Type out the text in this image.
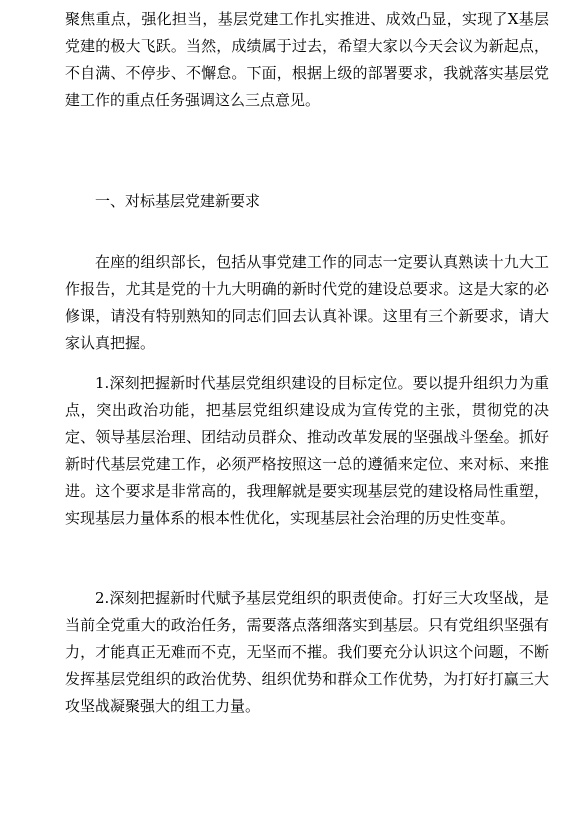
聚焦重点，强化担当，基层党建工作扎实推进、成效凸显，实现了X基层党建的极大飞跃。当然，成绩属于过去，希望大家以今天会议为新起点，不自满、不停步、不懈怠。下面，根据上级的部署要求，我就落实基层党建工作的重点任务强调这么三点意见。

一、对标基层党建新要求

在座的组织部长，包括从事党建工作的同志一定要认真熟读十九大工作报告，尤其是党的十九大明确的新时代党的建设总要求。这是大家的必修课，请没有特别熟知的同志们回去认真补课。这里有三个新要求，请大家认真把握。

1.深刻把握新时代基层党组织建设的目标定位。要以提升组织力为重点，突出政治功能，把基层党组织建设成为宣传党的主张，贯彻党的决定、领导基层治理、团结动员群众、推动改革发展的坚强战斗堡垒。抓好新时代基层党建工作，必须严格按照这一总的遵循来定位、来对标、来推进。这个要求是非常高的，我理解就是要实现基层党的建设格局性重塑，实现基层力量体系的根本性优化，实现基层社会治理的历史性变革。

2.深刻把握新时代赋予基层党组织的职责使命。打好三大攻坚战，是当前全党重大的政治任务，需要落点落细落实到基层。只有党组织坚强有力，才能真正无难而不克，无坚而不摧。我们要充分认识这个问题，不断发挥基层党组织的政治优势、组织优势和群众工作优势，为打好打赢三大攻坚战凝聚强大的组工力量。
